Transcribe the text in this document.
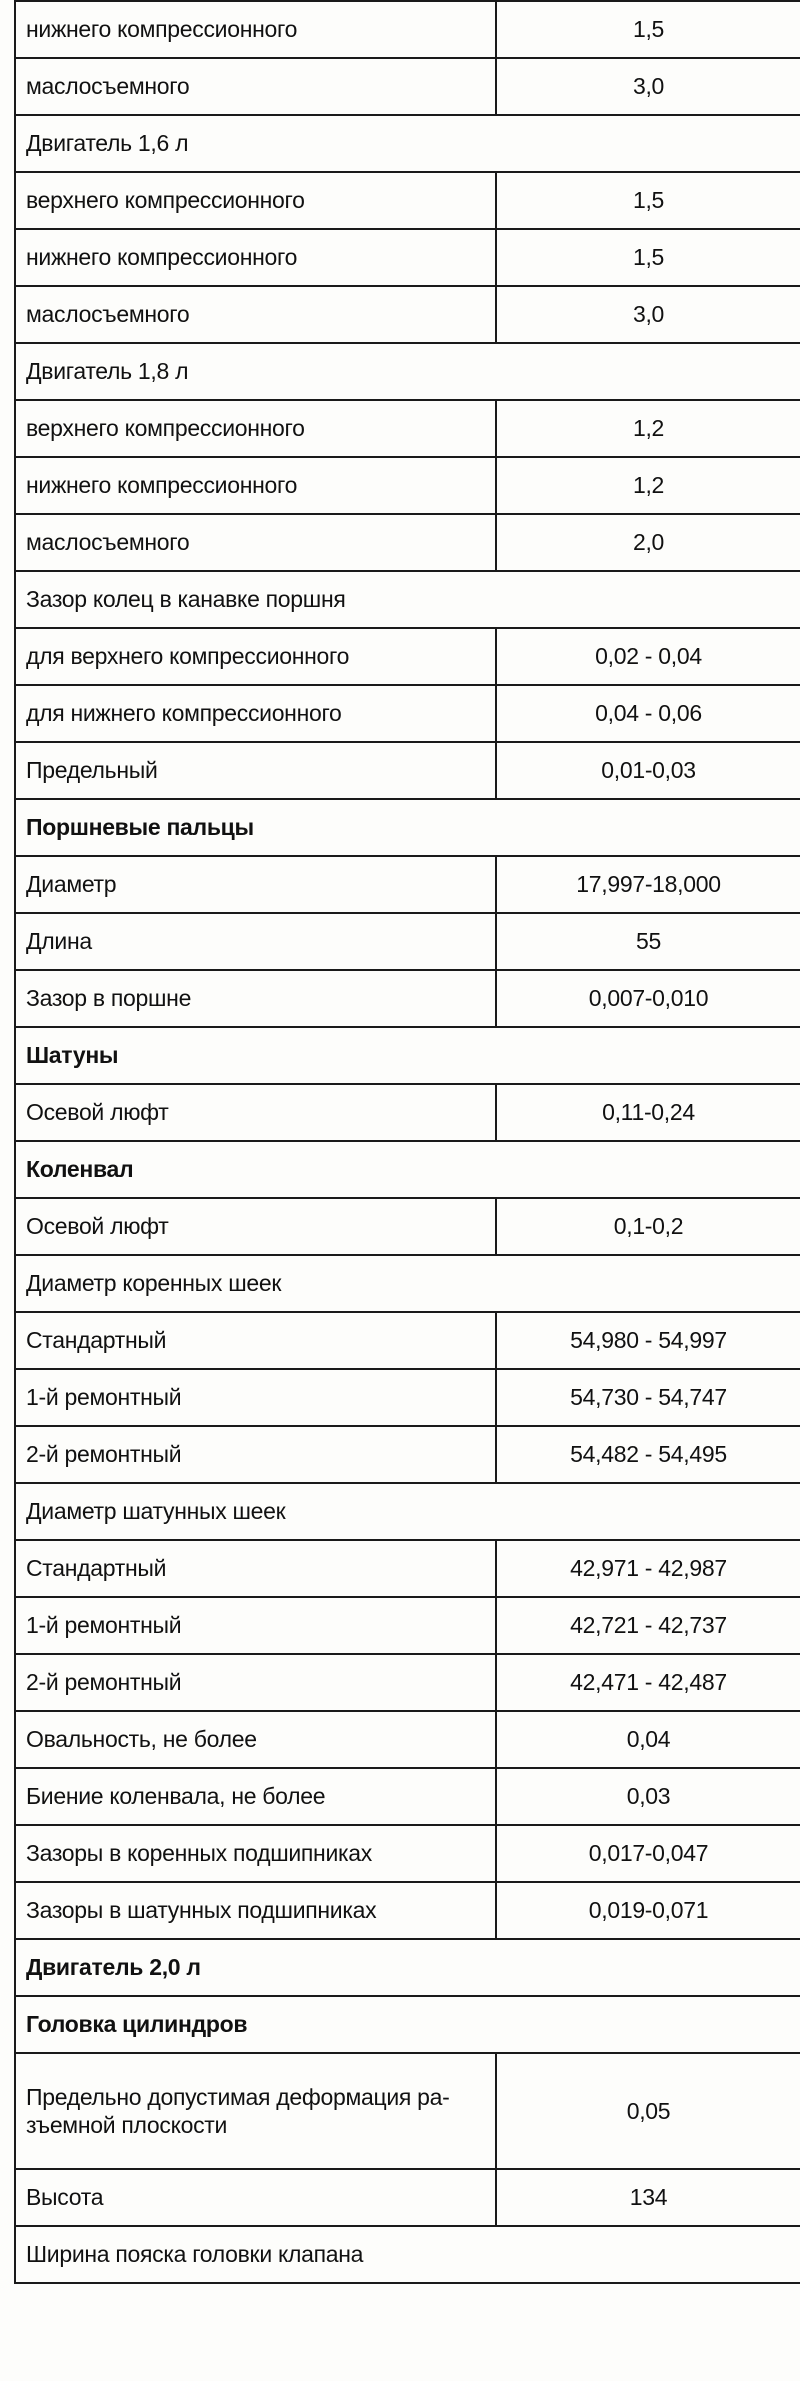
нижнего компрессионного	1,5
маслосъемного	3,0
Двигатель 1,6 л	
верхнего компрессионного	1,5
нижнего компрессионного	1,5
маслосъемного	3,0
Двигатель 1,8 л	
верхнего компрессионного	1,2
нижнего компрессионного	1,2
маслосъемного	2,0
Зазор колец в канавке поршня	
для верхнего компрессионного	0,02 - 0,04
для нижнего компрессионного	0,04 - 0,06
Предельный	0,01-0,03
Поршневые пальцы	
Диаметр	17,997-18,000
Длина	55
Зазор в поршне	0,007-0,010
Шатуны	
Осевой люфт	0,11-0,24
Коленвал	
Осевой люфт	0,1-0,2
Диаметр коренных шеек	
Стандартный	54,980 - 54,997
1-й ремонтный	54,730 - 54,747
2-й ремонтный	54,482 - 54,495
Диаметр шатунных шеек	
Стандартный	42,971 - 42,987
1-й ремонтный	42,721 - 42,737
2-й ремонтный	42,471 - 42,487
Овальность, не более	0,04
Биение коленвала, не более	0,03
Зазоры в коренных подшипниках	0,017-0,047
Зазоры в шатунных подшипниках	0,019-0,071
Двигатель 2,0 л	
Головка цилиндров	
Предельно допустимая деформация ра-
зъемной плоскости	0,05
Высота	134
Ширина пояска головки клапана	
